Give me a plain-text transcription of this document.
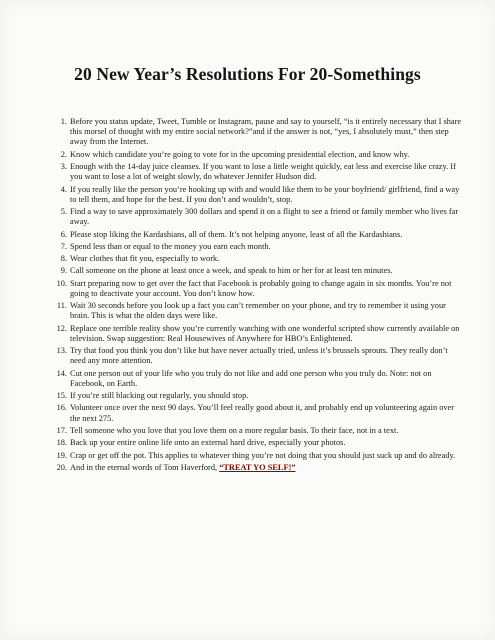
20 New Year’s Resolutions For 20-Somethings
1. Before you status update, Tweet, Tumble or Instagram, pause and say to yourself, “is it entirely necessary that I share this morsel of thought with my entire social network?”and if the answer is not, “yes, I absolutely must,” then step away from the Internet.
2. Know which candidate you’re going to vote for in the upcoming presidential election, and know why.
3. Enough with the 14-day juice cleanses. If you want to lose a little weight quickly, eat less and exercise like crazy. If you want to lose a lot of weight slowly, do whatever Jennifer Hudson did.
4. If you really like the person you’re hooking up with and would like them to be your boyfriend/ girlfriend, find a way to tell them, and hope for the best. If you don’t and wouldn’t, stop.
5. Find a way to save approximately 300 dollars and spend it on a flight to see a friend or family member who lives far away.
6. Please stop liking the Kardashians, all of them. It’s not helping anyone, least of all the Kardashians.
7. Spend less than or equal to the money you earn each month.
8. Wear clothes that fit you, especially to work.
9. Call someone on the phone at least once a week, and speak to him or her for at least ten minutes.
10. Start preparing now to get over the fact that Facebook is probably going to change again in six months. You’re not going to deactivate your account. You don’t know how.
11. Wait 30 seconds before you look up a fact you can’t remember on your phone, and try to remember it using your brain. This is what the olden days were like.
12. Replace one terrible reality show you’re currently watching with one wonderful scripted show currently available on television. Swap suggestion: Real Housewives of Anywhere for HBO’s Enlightened.
13. Try that food you think you don’t like but have never actually tried, unless it’s brussels sprouts. They really don’t need any more attention.
14. Cut one person out of your life who you truly do not like and add one person who you truly do. Note: not on Facebook, on Earth.
15. If you’re still blacking out regularly, you should stop.
16. Volunteer once over the next 90 days. You’ll feel really good about it, and probably end up volunteering again over the next 275.
17. Tell someone who you love that you love them on a more regular basis. To their face, not in a text.
18. Back up your entire online life onto an external hard drive, especially your photos.
19. Crap or get off the pot. This applies to whatever thing you’re not doing that you should just suck up and do already.
20. And in the eternal words of Tom Haverford, “TREAT YO SELF!”
